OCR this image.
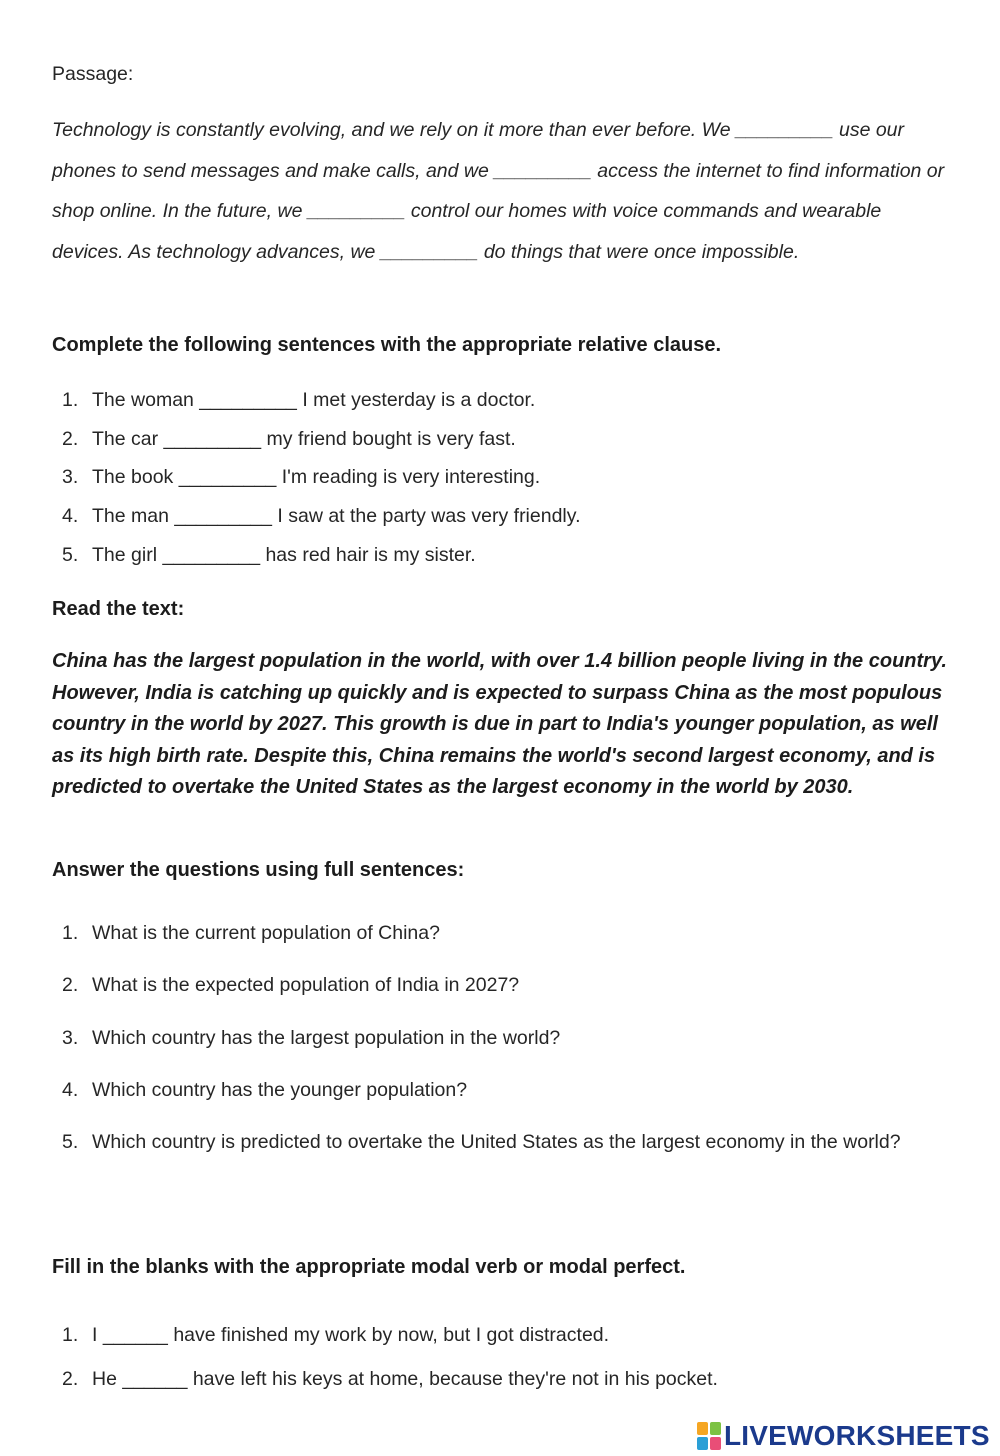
Passage:
Technology is constantly evolving, and we rely on it more than ever before. We _________ use our phones to send messages and make calls, and we _________ access the internet to find information or shop online. In the future, we _________ control our homes with voice commands and wearable devices. As technology advances, we _________ do things that were once impossible.
Complete the following sentences with the appropriate relative clause.
1. The woman _________ I met yesterday is a doctor.
2. The car _________ my friend bought is very fast.
3. The book _________ I'm reading is very interesting.
4. The man _________ I saw at the party was very friendly.
5. The girl _________ has red hair is my sister.
Read the text:
China has the largest population in the world, with over 1.4 billion people living in the country. However, India is catching up quickly and is expected to surpass China as the most populous country in the world by 2027. This growth is due in part to India's younger population, as well as its high birth rate. Despite this, China remains the world's second largest economy, and is predicted to overtake the United States as the largest economy in the world by 2030.
Answer the questions using full sentences:
1. What is the current population of China?
2. What is the expected population of India in 2027?
3. Which country has the largest population in the world?
4. Which country has the younger population?
5. Which country is predicted to overtake the United States as the largest economy in the world?
Fill in the blanks with the appropriate modal verb or modal perfect.
1. I ______ have finished my work by now, but I got distracted.
2. He ______ have left his keys at home, because they're not in his pocket.
LIVEWORKSHEETS
